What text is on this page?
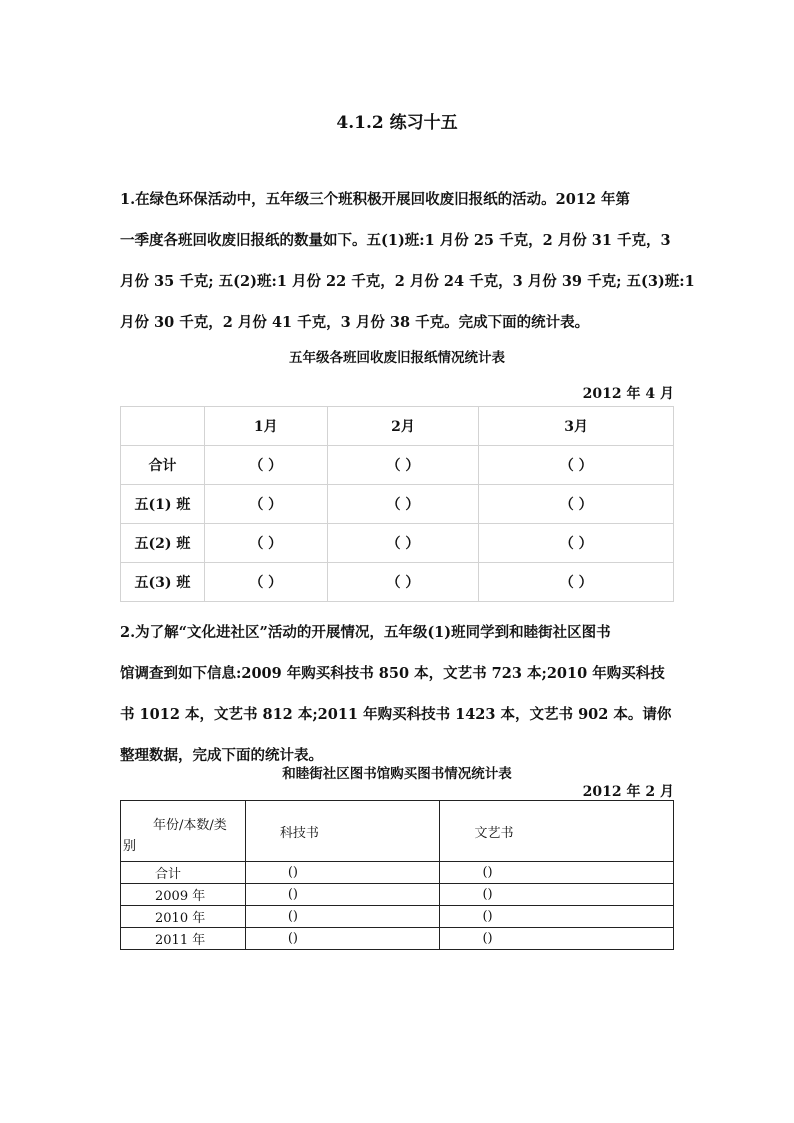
4.1.2 练习十五
1.在绿色环保活动中，五年级三个班积极开展回收废旧报纸的活动。2012 年第
一季度各班回收废旧报纸的数量如下。五(1)班:1 月份 25 千克，2 月份 31 千克，3
月份 35 千克; 五(2)班:1 月份 22 千克，2 月份 24 千克，3 月份 39 千克; 五(3)班:1
月份 30 千克，2 月份 41 千克，3 月份 38 千克。完成下面的统计表。
五年级各班回收废旧报纸情况统计表
2012 年 4 月
	1月	2月	3月
合计	（ ）	（ ）	（ ）
五(1) 班	（ ）	（ ）	（ ）
五(2) 班	（ ）	（ ）	（ ）
五(3) 班	（ ）	（ ）	（ ）
2.为了解“文化进社区”活动的开展情况，五年级(1)班同学到和睦街社区图书
馆调查到如下信息:2009 年购买科技书 850 本，文艺书 723 本;2010 年购买科技
书 1012 本，文艺书 812 本;2011 年购买科技书 1423 本，文艺书 902 本。请你
整理数据，完成下面的统计表。
和睦街社区图书馆购买图书情况统计表
2012 年 2 月
年份/本数/类
别	科技书	文艺书
合计	()	()
2009 年	()	()
2010 年	()	()
2011 年	()	()
